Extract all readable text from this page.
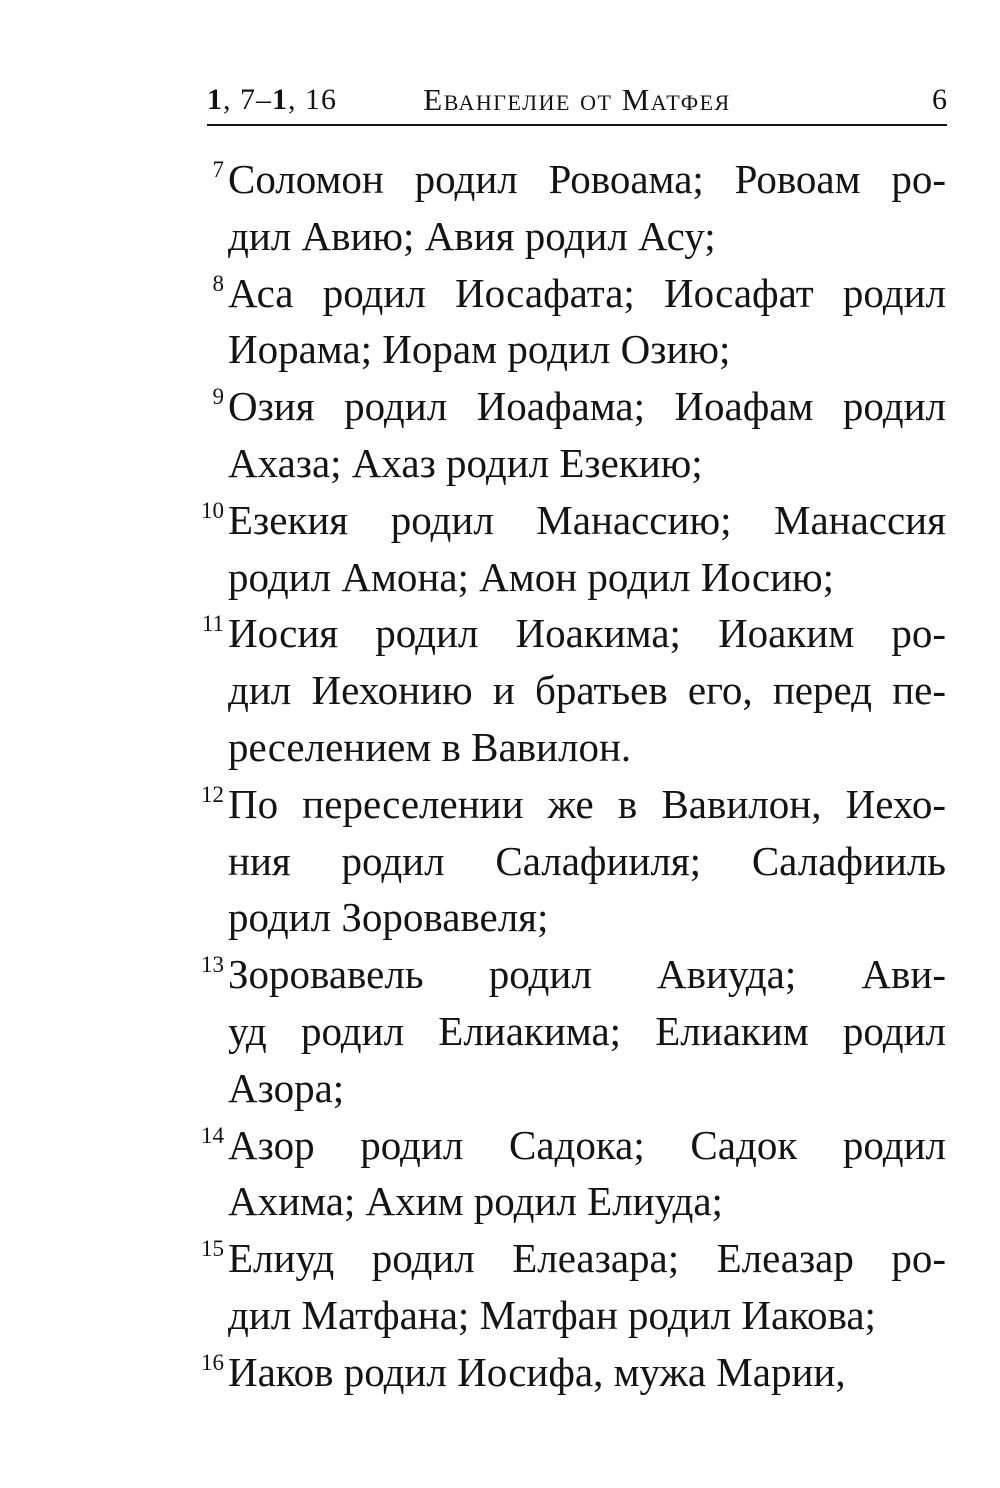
1, 7–1, 16	Евангелие от Матфея	6
7 Соломон родил Ровоама; Ровоам ро-
дил Авию; Авия родил Асу;
8 Аса родил Иосафата; Иосафат родил
Иорама; Иорам родил Озию;
9 Озия родил Иоафама; Иоафам родил
Ахаза; Ахаз родил Езекию;
10 Езекия родил Манассию; Манассия
родил Амона; Амон родил Иосию;
11 Иосия родил Иоакима; Иоаким ро-
дил Иехонию и братьев его, перед пе-
реселением в Вавилон.
12 По переселении же в Вавилон, Иехо-
ния родил Салафииля; Салафииль
родил Зоровавеля;
13 Зоровавель родил Авиуда; Ави-
уд родил Елиакима; Елиаким родил
Азора;
14 Азор родил Садока; Садок родил
Ахима; Ахим родил Елиуда;
15 Елиуд родил Елеазара; Елеазар ро-
дил Матфана; Матфан родил Иакова;
16 Иаков родил Иосифа, мужа Марии,
